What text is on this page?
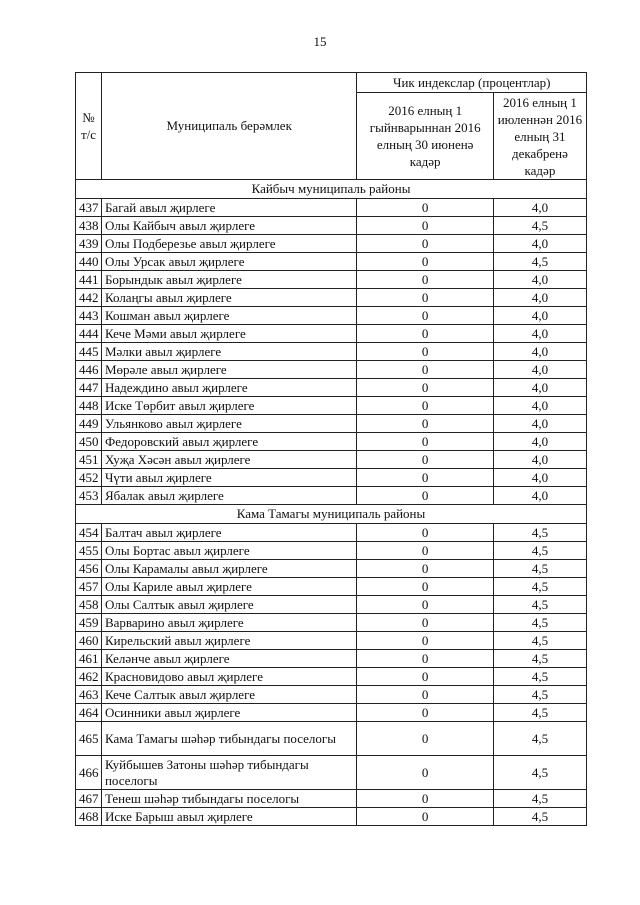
15
№ т/с	Муниципаль берәмлек	Чик индекслар (процентлар)	
		2016 елның 1 гыйнварыннан 2016 елның 30 июненә кадәр	2016 елның 1 июленнән 2016 елның 31 декабренә кадәр
Кайбыч муниципаль районы			
437	Багай авыл җирлеге	0	4,0
438	Олы Кайбыч авыл җирлеге	0	4,5
439	Олы Подберезье авыл җирлеге	0	4,0
440	Олы Урсак авыл җирлеге	0	4,5
441	Борындык авыл җирлеге	0	4,0
442	Колаңгы авыл җирлеге	0	4,0
443	Кошман авыл җирлеге	0	4,0
444	Кече Мәми авыл җирлеге	0	4,0
445	Мәлки авыл җирлеге	0	4,0
446	Мөрәле авыл җирлеге	0	4,0
447	Надеждино авыл җирлеге	0	4,0
448	Иске Төрбит авыл җирлеге	0	4,0
449	Ульянково авыл җирлеге	0	4,0
450	Федоровский авыл җирлеге	0	4,0
451	Хуҗа Хәсән авыл җирлеге	0	4,0
452	Чүти авыл җирлеге	0	4,0
453	Ябалак авыл җирлеге	0	4,0
Кама Тамагы муниципаль районы			
454	Балтач авыл җирлеге	0	4,5
455	Олы Бортас авыл җирлеге	0	4,5
456	Олы Карамалы авыл җирлеге	0	4,5
457	Олы Кариле авыл җирлеге	0	4,5
458	Олы Салтык авыл җирлеге	0	4,5
459	Варварино авыл җирлеге	0	4,5
460	Кирельский авыл җирлеге	0	4,5
461	Келәнче авыл җирлеге	0	4,5
462	Красновидово авыл җирлеге	0	4,5
463	Кече Салтык авыл җирлеге	0	4,5
464	Осинники авыл җирлеге	0	4,5
465	Кама Тамагы шәһәр тибындагы поселогы	0	4,5
466	Куйбышев Затоны шәһәр тибындагы поселогы	0	4,5
467	Тенеш шәһәр тибындагы поселогы	0	4,5
468	Иске Барыш авыл җирлеге	0	4,5
